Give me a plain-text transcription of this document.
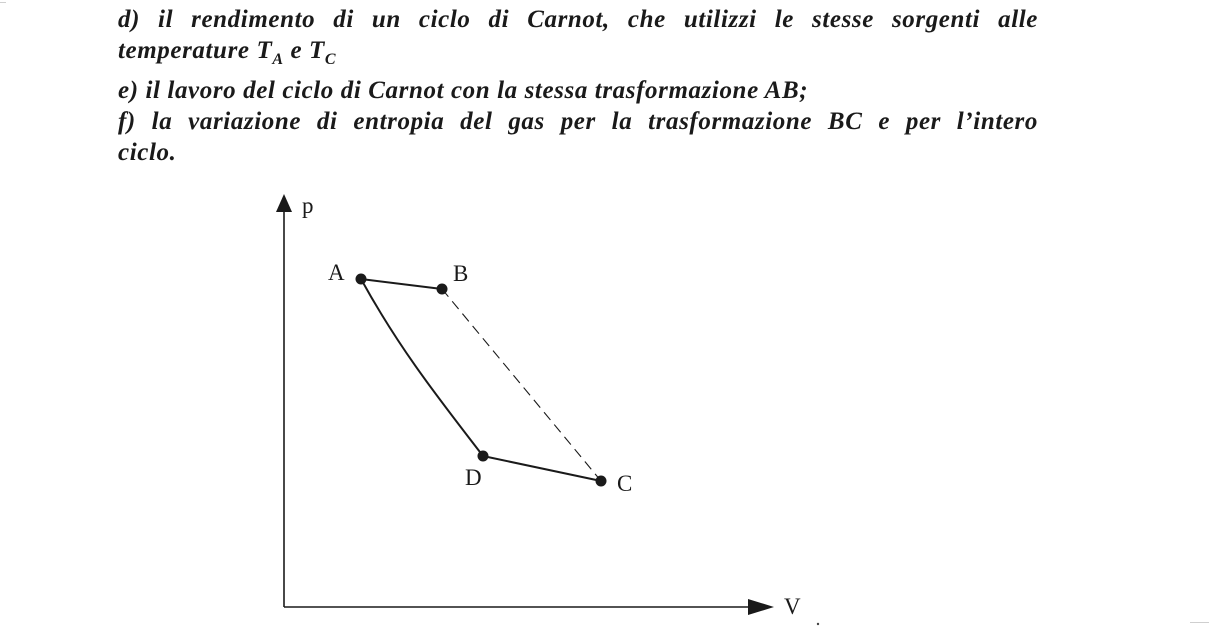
d) il rendimento di un ciclo di Carnot, che utilizzi le stesse sorgenti alle
temperature $T_A$ e $T_C$
e) il lavoro del ciclo di Carnot con la stessa trasformazione AB;
f) la variazione di entropia del gas per la trasformazione BC e per l’intero
ciclo.
p
V
A	B
C
D
